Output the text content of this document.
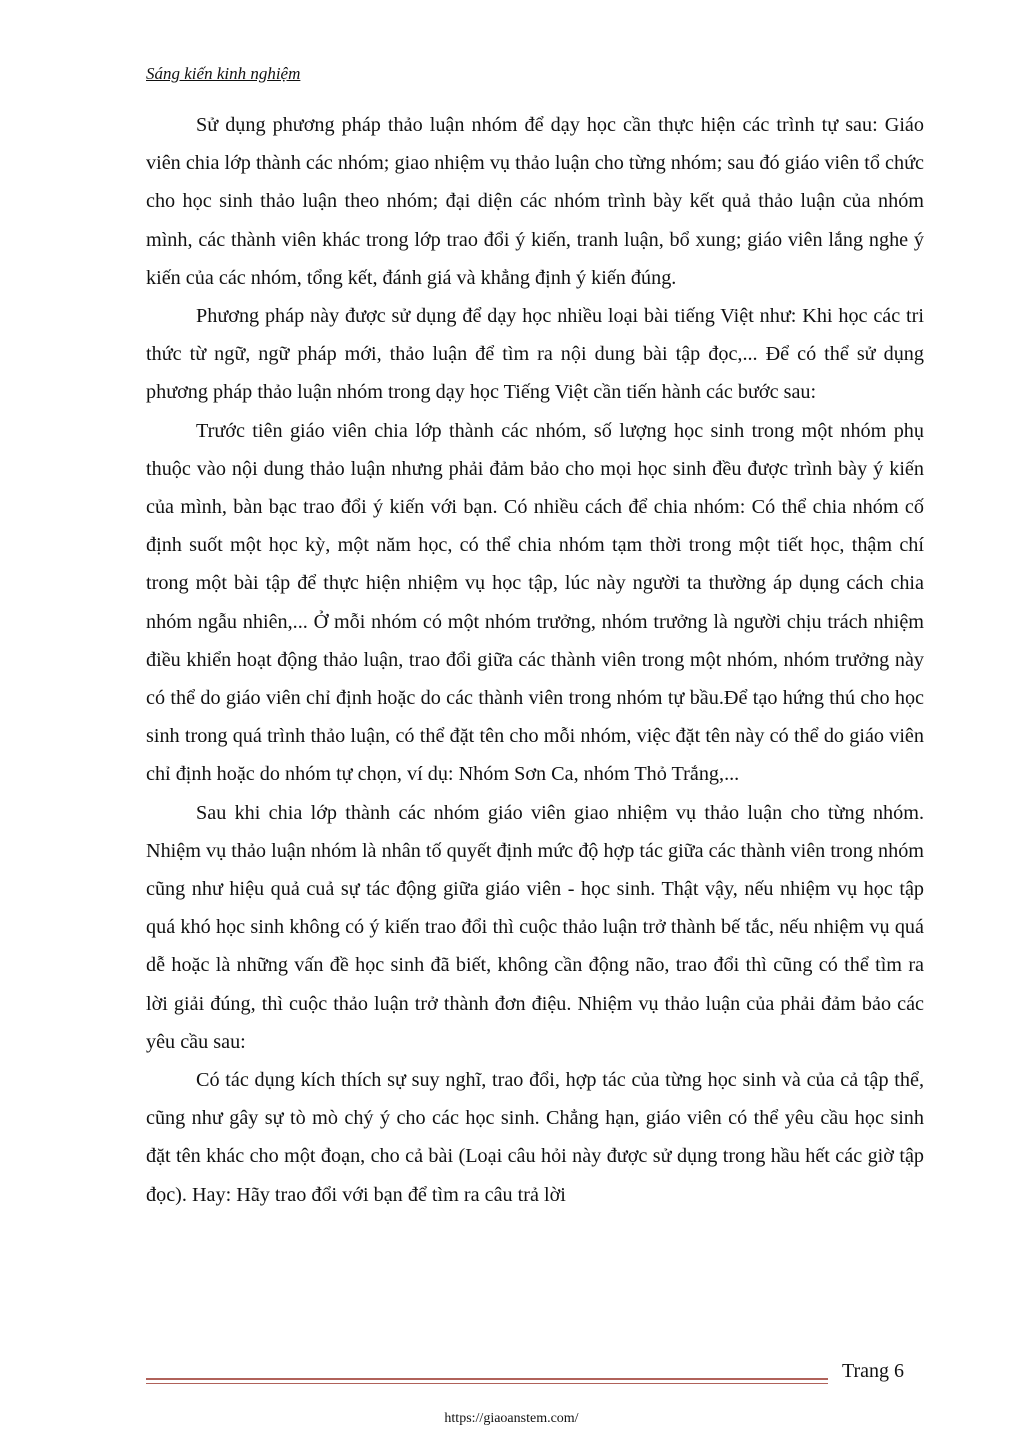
Sáng kiến kinh nghiệm

Sử dụng phương pháp thảo luận nhóm để dạy học cần thực hiện các trình tự sau: Giáo viên chia lớp thành các nhóm; giao nhiệm vụ thảo luận cho từng nhóm; sau đó giáo viên tổ chức cho học sinh thảo luận theo nhóm; đại diện các nhóm trình bày kết quả thảo luận của nhóm mình, các thành viên khác trong lớp trao đổi ý kiến, tranh luận, bổ xung; giáo viên lắng nghe ý kiến của các nhóm, tổng kết, đánh giá và khẳng định ý kiến đúng.

Phương pháp này được sử dụng để dạy học nhiều loại bài tiếng Việt như: Khi học các tri thức từ ngữ, ngữ pháp mới, thảo luận để tìm ra nội dung bài tập đọc,... Để có thể sử dụng phương pháp thảo luận nhóm trong dạy học Tiếng Việt cần tiến hành các bước sau:

Trước tiên giáo viên chia lớp thành các nhóm, số lượng học sinh trong một nhóm phụ thuộc vào nội dung thảo luận nhưng phải đảm bảo cho mọi học sinh đều được trình bày ý kiến của mình, bàn bạc trao đổi ý kiến với bạn. Có nhiều cách để chia nhóm: Có thể chia nhóm cố định suốt một học kỳ, một năm học, có thể chia nhóm tạm thời trong một tiết học, thậm chí trong một bài tập để thực hiện nhiệm vụ học tập, lúc này người ta thường áp dụng cách chia nhóm ngẫu nhiên,... Ở mỗi nhóm có một nhóm trưởng, nhóm trưởng là người chịu trách nhiệm điều khiển hoạt động thảo luận, trao đổi giữa các thành viên trong một nhóm, nhóm trưởng này có thể do giáo viên chỉ định hoặc do các thành viên trong nhóm tự bầu.Để tạo hứng thú cho học sinh trong quá trình thảo luận, có thể đặt tên cho mỗi nhóm, việc đặt tên này có thể do giáo viên chỉ định hoặc do nhóm tự chọn, ví dụ: Nhóm Sơn Ca, nhóm Thỏ Trắng,...

Sau khi chia lớp thành các nhóm giáo viên giao nhiệm vụ thảo luận cho từng nhóm. Nhiệm vụ thảo luận nhóm là nhân tố quyết định mức độ hợp tác giữa các thành viên trong nhóm cũng như hiệu quả cuả sự tác động giữa giáo viên - học sinh. Thật vậy, nếu nhiệm vụ học tập quá khó học sinh không có ý kiến trao đổi thì cuộc thảo luận trở thành bế tắc, nếu nhiệm vụ quá dễ hoặc là những vấn đề học sinh đã biết, không cần động não, trao đổi thì cũng có thể tìm ra lời giải đúng, thì cuộc thảo luận trở thành đơn điệu. Nhiệm vụ thảo luận của phải đảm bảo các yêu cầu sau:

Có tác dụng kích thích sự suy nghĩ, trao đổi, hợp tác của từng học sinh và của cả tập thể, cũng như gây sự tò mò chý ý cho các học sinh. Chẳng hạn, giáo viên có thể yêu cầu học sinh đặt tên khác cho một đoạn, cho cả bài (Loại câu hỏi này được sử dụng trong hầu hết các giờ tập đọc). Hay: Hãy trao đổi với bạn để tìm ra câu trả lời

Trang 6
https://giaoanstem.com/
